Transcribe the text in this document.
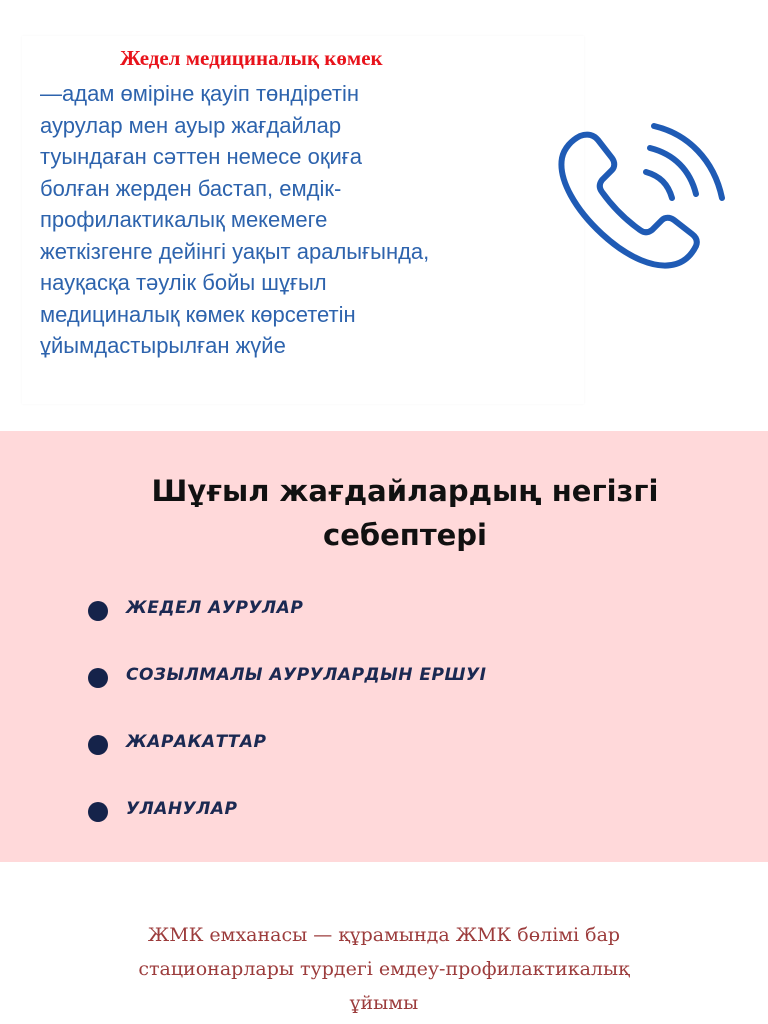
Жедел медициналық көмек
—адам өміріне қауіп төндіретін
аурулар мен ауыр жағдайлар
туындаған сәттен немесе оқиға
болған жерден бастап, емдік-
профилактикалық мекемеге
жеткізгенге дейінгі уақыт аралығында,
науқасқа тәулік бойы шұғыл
медициналық көмек көрсететін
ұйымдастырылған жүйе
Шұғыл жағдайлардың негізгі
себептері
ЖЕДЕЛ АУРУЛАР
СОЗЫЛМАЛЫ АУРУЛАРДЫН ЕРШУІ
ЖАРАКАТТАР
УЛАНУЛАР
ЖМК емханасы — құрамында ЖМК бөлімі бар
стационарлары турдегі емдеу-профилактикалық
ұйымы
